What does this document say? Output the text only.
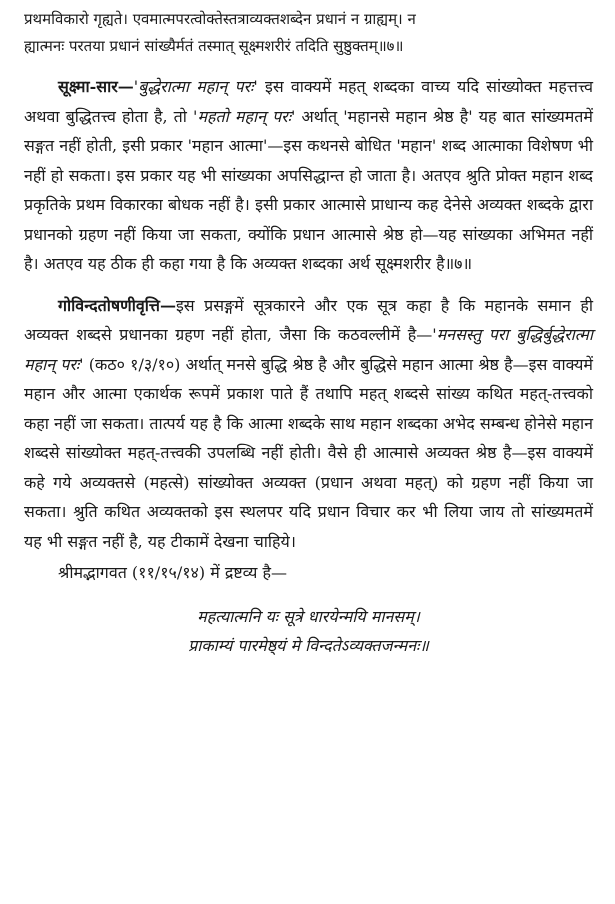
प्रथमविकारो गृह्यते। एवमात्मपरत्वोक्तेस्तत्राव्यक्तशब्देन प्रधानं न ग्राह्यम्। न
ह्यात्मनः परतया प्रधानं सांख्यैर्मतं तस्मात् सूक्ष्मशरीरं तदिति सुष्ठुक्तम्॥७॥

सूक्ष्मा-सार—'बुद्धेरात्मा महान् परः' इस वाक्यमें महत् शब्दका वाच्य यदि सांख्योक्त महत्तत्त्व अथवा बुद्धितत्त्व होता है, तो 'महतो महान् परः' अर्थात् 'महानसे महान श्रेष्ठ है' यह बात सांख्यमतमें सङ्गत नहीं होती, इसी प्रकार 'महान आत्मा'—इस कथनसे बोधित 'महान' शब्द आत्माका विशेषण भी नहीं हो सकता। इस प्रकार यह भी सांख्यका अपसिद्धान्त हो जाता है। अतएव श्रुति प्रोक्त महान शब्द प्रकृतिके प्रथम विकारका बोधक नहीं है। इसी प्रकार आत्मासे प्राधान्य कह देनेसे अव्यक्त शब्दके द्वारा प्रधानको ग्रहण नहीं किया जा सकता, क्योंकि प्रधान आत्मासे श्रेष्ठ हो—यह सांख्यका अभिमत नहीं है। अतएव यह ठीक ही कहा गया है कि अव्यक्त शब्दका अर्थ सूक्ष्मशरीर है॥७॥

गोविन्दतोषणीवृत्ति—इस प्रसङ्गमें सूत्रकारने और एक सूत्र कहा है कि महानके समान ही अव्यक्त शब्दसे प्रधानका ग्रहण नहीं होता, जैसा कि कठवल्लीमें है—'मनसस्तु परा बुद्धिर्बुद्धेरात्मा महान् परः' (कठ० १/३/१०) अर्थात् मनसे बुद्धि श्रेष्ठ है और बुद्धिसे महान आत्मा श्रेष्ठ है—इस वाक्यमें महान और आत्मा एकार्थक रूपमें प्रकाश पाते हैं तथापि महत् शब्दसे सांख्य कथित महत्-तत्त्वको कहा नहीं जा सकता। तात्पर्य यह है कि आत्मा शब्दके साथ महान शब्दका अभेद सम्बन्ध होनेसे महान शब्दसे सांख्योक्त महत्-तत्त्वकी उपलब्धि नहीं होती। वैसे ही आत्मासे अव्यक्त श्रेष्ठ है—इस वाक्यमें कहे गये अव्यक्तसे (महत्से) सांख्योक्त अव्यक्त (प्रधान अथवा महत्) को ग्रहण नहीं किया जा सकता। श्रुति कथित अव्यक्तको इस स्थलपर यदि प्रधान विचार कर भी लिया जाय तो सांख्यमतमें यह भी सङ्गत नहीं है, यह टीकामें देखना चाहिये।

श्रीमद्भागवत (११/१५/१४) में द्रष्टव्य है—

महत्यात्मनि यः सूत्रे धारयेन्मयि मानसम्।
प्राकाम्यं पारमेष्ठ्यं मे विन्दतेऽव्यक्तजन्मनः॥
